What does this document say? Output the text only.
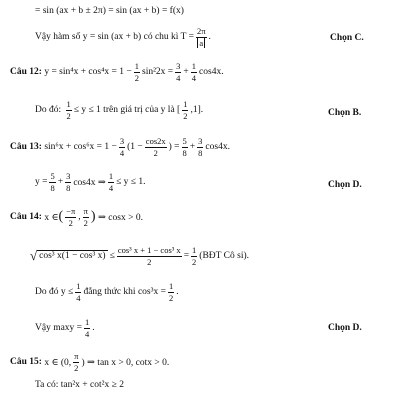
= sin (ax + b ± 2π) = sin (ax + b) = f(x)
Vậy hàm số y = sin (ax + b) có chu kì $T = \frac{2\pi}{a}$ .	Chọn C.
Câu 12:
$y = \sin^4x + \cos^4x = 1 - \frac{1}{2} \sin^22x = \frac{3}{4} + \frac{1}{4} \cos 4x$.
Do đó:
$\frac{1}{2} \le y \le 1$ trên giá trị của y là [ $\frac{1}{2} ,1$].	Chọn B.
Câu 13:
$\sin^6x + \cos^6x = 1 - \frac{3}{4} (1 - \frac{\cos 2x}{2}$ ) = $\frac{5}{8} + \frac{3}{8} \cos 4x$.
$y = \frac{5}{8} + \frac{3}{8} \cos 4x$ ⇒ $\frac{1}{4} \le y \le 1$.	Chọn D.
Câu 14:
x ∈ ( $\frac{-\pi}{2}$ , $\frac{\pi}{2}$ )
⇒ cosx > 0.
√ cos³ x(1 − cos³ $x) \le \frac{\text{cos³ x + 1 − cos³ x}}{2} = \frac{1}{2}$ (BĐT Cô si).
Do đó $y \le \frac{1}{4}$ đẳng thức khi $\cos^3x = \frac{1}{2}$ .
Vậy $\max y = \frac{1}{4}$ .	Chọn D.
Câu 15:
x ∈ (0, $\frac{\pi}{2}$ ) ⇒ tan x > 0, cotx > 0.
Ta có: tan²x + cot²x ≥ 2
